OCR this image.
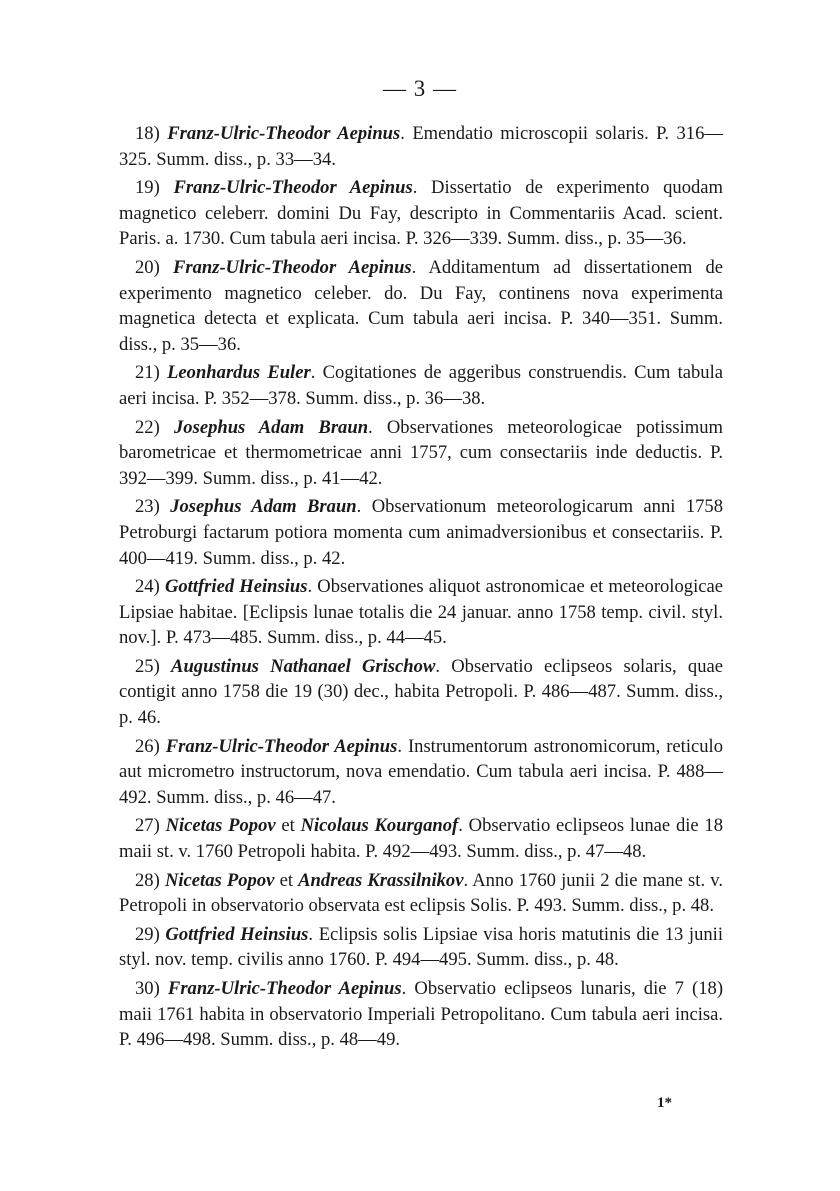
— 3 —

18) Franz-Ulric-Theodor Aepinus. Emendatio microscopii solaris. P. 316—325. Summ. diss., p. 33—34.

19) Franz-Ulric-Theodor Aepinus. Dissertatio de experimento quodam magnetico celeberr. domini Du Fay, descripto in Commentariis Acad. scient. Paris. a. 1730. Cum tabula aeri incisa. P. 326—339. Summ. diss., p. 35—36.

20) Franz-Ulric-Theodor Aepinus. Additamentum ad dissertationem de experimento magnetico celeber. do. Du Fay, continens nova experimenta magnetica detecta et explicata. Cum tabula aeri incisa. P. 340—351. Summ. diss., p. 35—36.

21) Leonhardus Euler. Cogitationes de aggeribus construendis. Cum tabula aeri incisa. P. 352—378. Summ. diss., p. 36—38.

22) Josephus Adam Braun. Observationes meteorologicae potissimum barometricae et thermometricae anni 1757, cum consectariis inde deductis. P. 392—399. Summ. diss., p. 41—42.

23) Josephus Adam Braun. Observationum meteorologicarum anni 1758 Petroburgi factarum potiora momenta cum animadversionibus et consectariis. P. 400—419. Summ. diss., p. 42.

24) Gottfried Heinsius. Observationes aliquot astronomicae et meteorologicae Lipsiae habitae. [Eclipsis lunae totalis die 24 januar. anno 1758 temp. civil. styl. nov.]. P. 473—485. Summ. diss., p. 44—45.

25) Augustinus Nathanael Grischow. Observatio eclipseos solaris, quae contigit anno 1758 die 19 (30) dec., habita Petropoli. P. 486—487. Summ. diss., p. 46.

26) Franz-Ulric-Theodor Aepinus. Instrumentorum astronomicorum, reticulo aut micrometro instructorum, nova emendatio. Cum tabula aeri incisa. P. 488—492. Summ. diss., p. 46—47.

27) Nicetas Popov et Nicolaus Kourganof. Observatio eclipseos lunae die 18 maii st. v. 1760 Petropoli habita. P. 492—493. Summ. diss., p. 47—48.

28) Nicetas Popov et Andreas Krassilnikov. Anno 1760 junii 2 die mane st. v. Petropoli in observatorio observata est eclipsis Solis. P. 493. Summ. diss., p. 48.

29) Gottfried Heinsius. Eclipsis solis Lipsiae visa horis matutinis die 13 junii styl. nov. temp. civilis anno 1760. P. 494—495. Summ. diss., p. 48.

30) Franz-Ulric-Theodor Aepinus. Observatio eclipseos lunaris, die 7 (18) maii 1761 habita in observatorio Imperiali Petropolitano. Cum tabula aeri incisa. P. 496—498. Summ. diss., p. 48—49.

1*
